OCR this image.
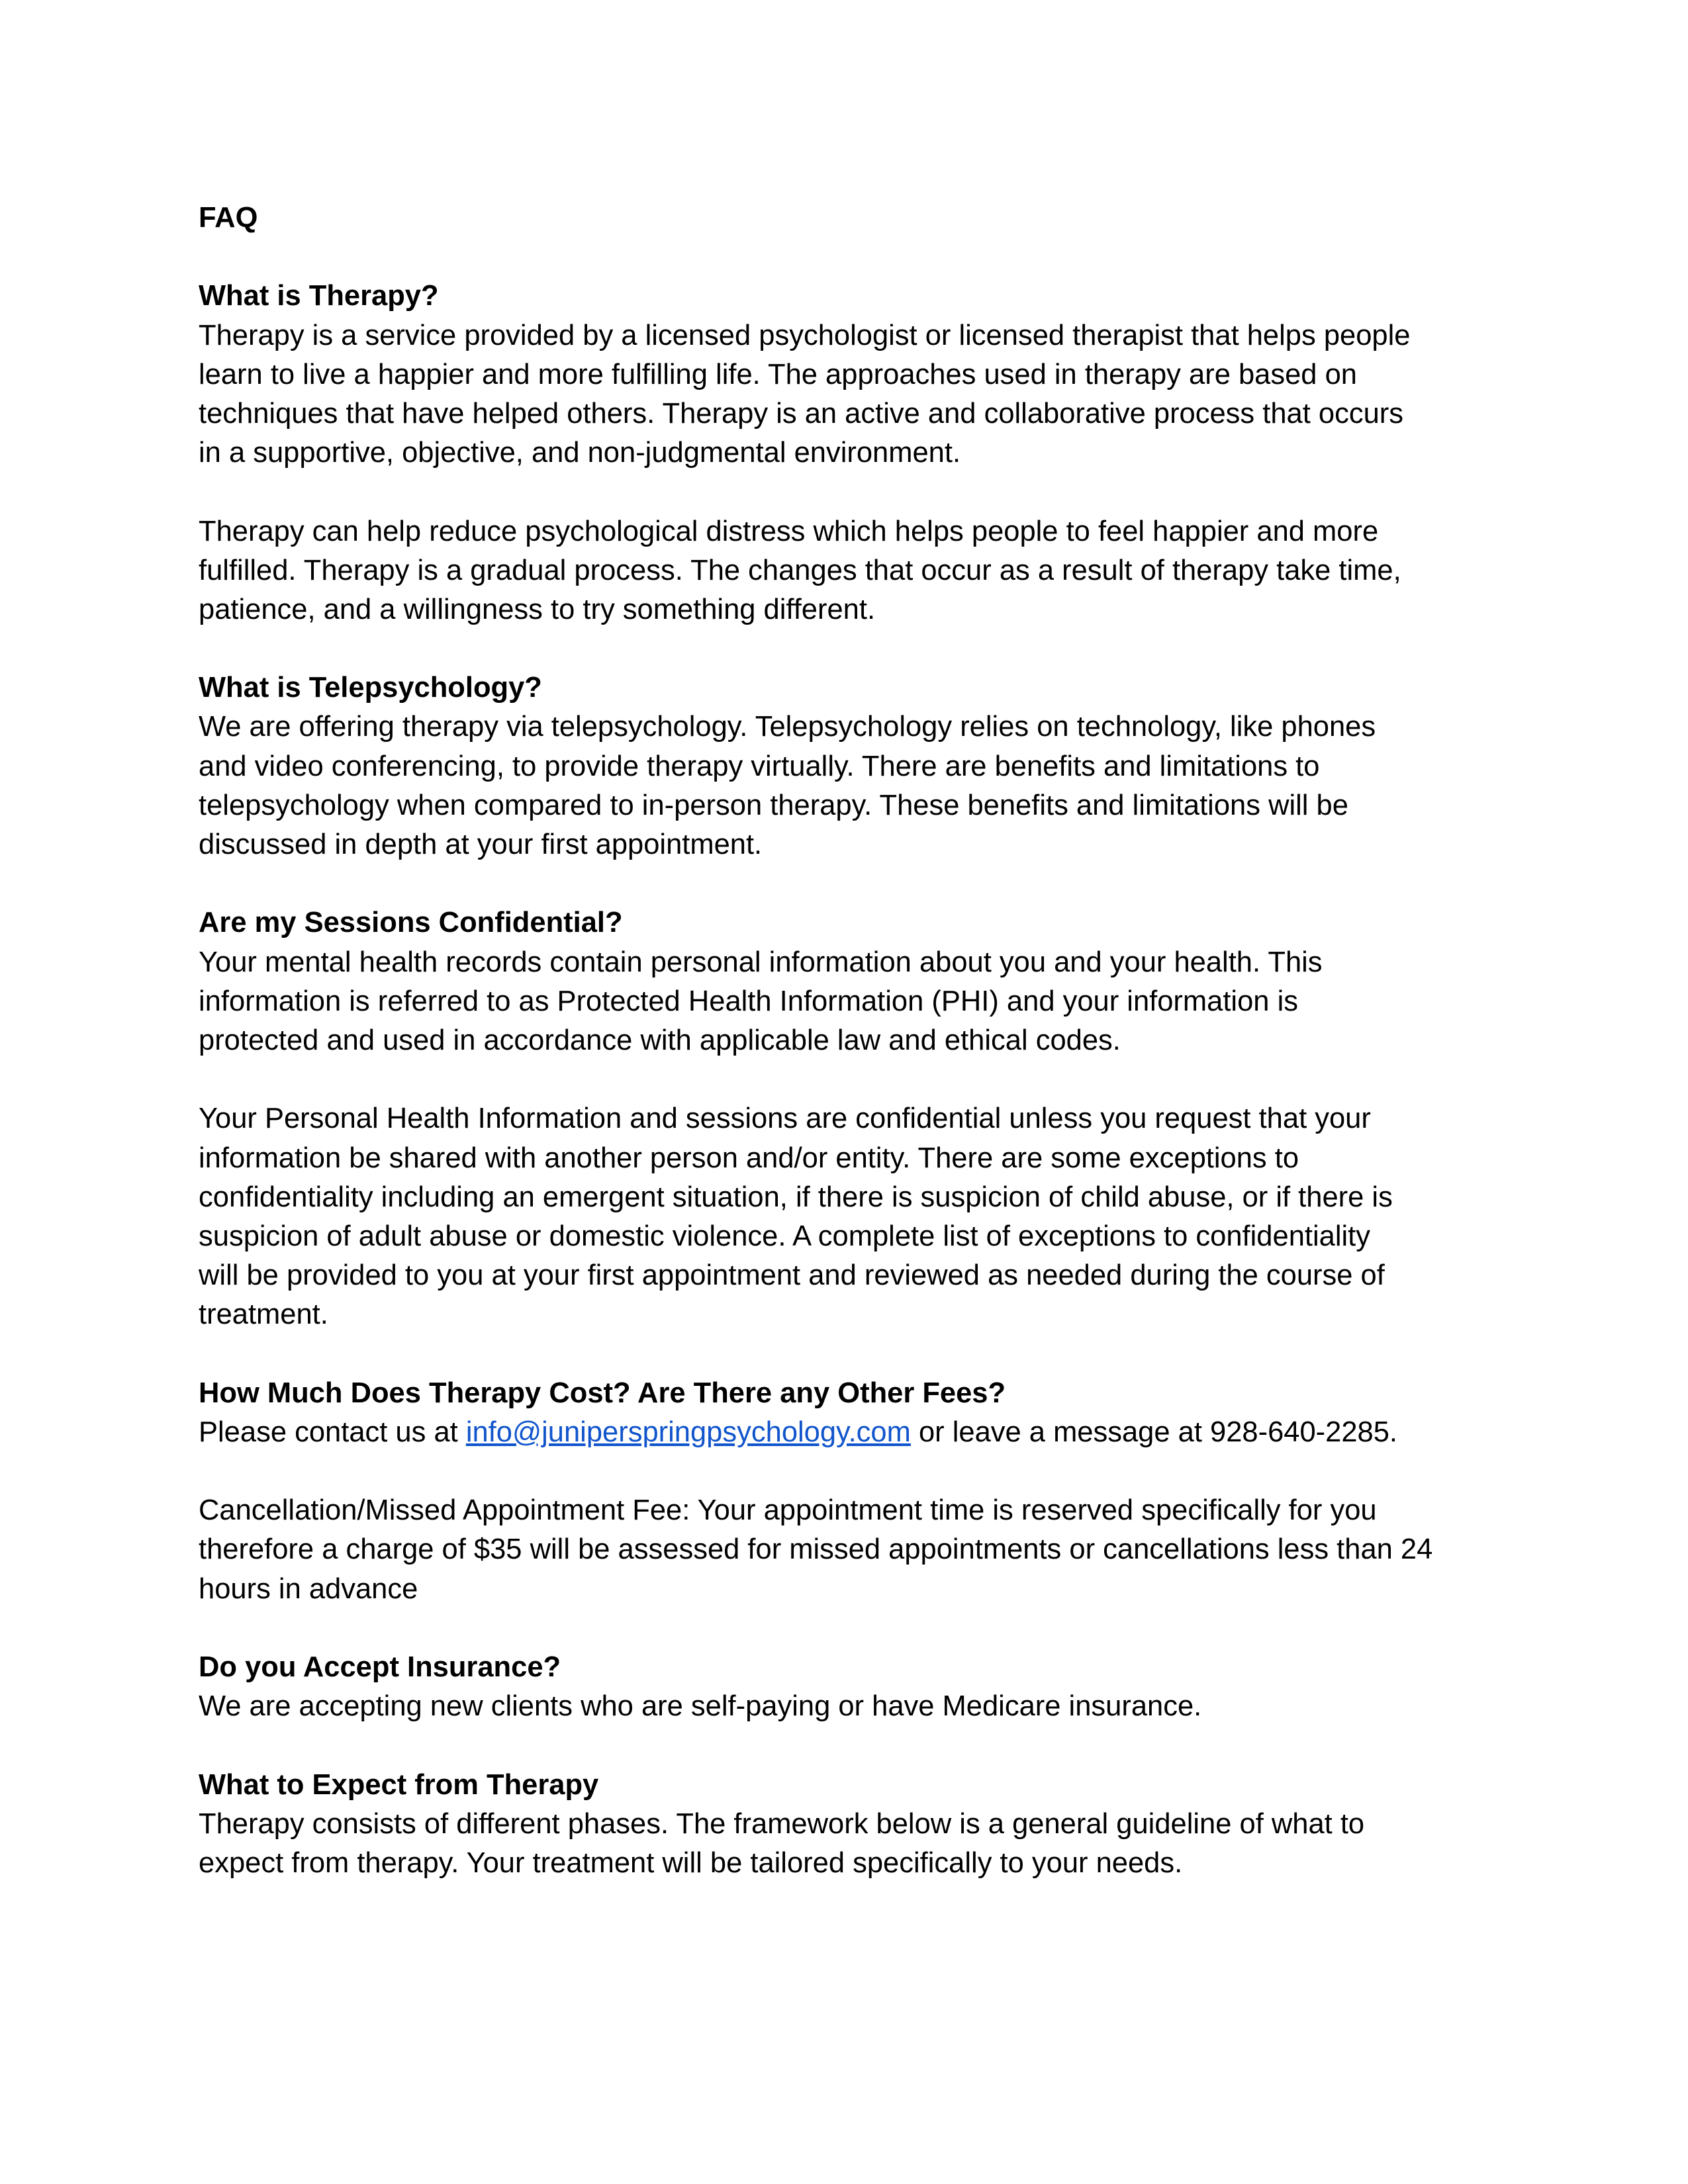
FAQ
What is Therapy?
Therapy is a service provided by a licensed psychologist or licensed therapist that helps people
learn to live a happier and more fulfilling life. The approaches used in therapy are based on
techniques that have helped others. Therapy is an active and collaborative process that occurs
in a supportive, objective, and non-judgmental environment.
Therapy can help reduce psychological distress which helps people to feel happier and more
fulfilled. Therapy is a gradual process. The changes that occur as a result of therapy take time,
patience, and a willingness to try something different.
What is Telepsychology?
We are offering therapy via telepsychology. Telepsychology relies on technology, like phones
and video conferencing, to provide therapy virtually. There are benefits and limitations to
telepsychology when compared to in-person therapy. These benefits and limitations will be
discussed in depth at your first appointment.
Are my Sessions Confidential?
Your mental health records contain personal information about you and your health. This
information is referred to as Protected Health Information (PHI) and your information is
protected and used in accordance with applicable law and ethical codes.
Your Personal Health Information and sessions are confidential unless you request that your
information be shared with another person and/or entity. There are some exceptions to
confidentiality including an emergent situation, if there is suspicion of child abuse, or if there is
suspicion of adult abuse or domestic violence. A complete list of exceptions to confidentiality
will be provided to you at your first appointment and reviewed as needed during the course of
treatment.
How Much Does Therapy Cost? Are There any Other Fees?
Please contact us at info@juniperspringpsychology.com or leave a message at 928-640-2285.
Cancellation/Missed Appointment Fee: Your appointment time is reserved specifically for you
therefore a charge of $35 will be assessed for missed appointments or cancellations less than 24
hours in advance
Do you Accept Insurance?
We are accepting new clients who are self-paying or have Medicare insurance.
What to Expect from Therapy
Therapy consists of different phases. The framework below is a general guideline of what to
expect from therapy. Your treatment will be tailored specifically to your needs.
